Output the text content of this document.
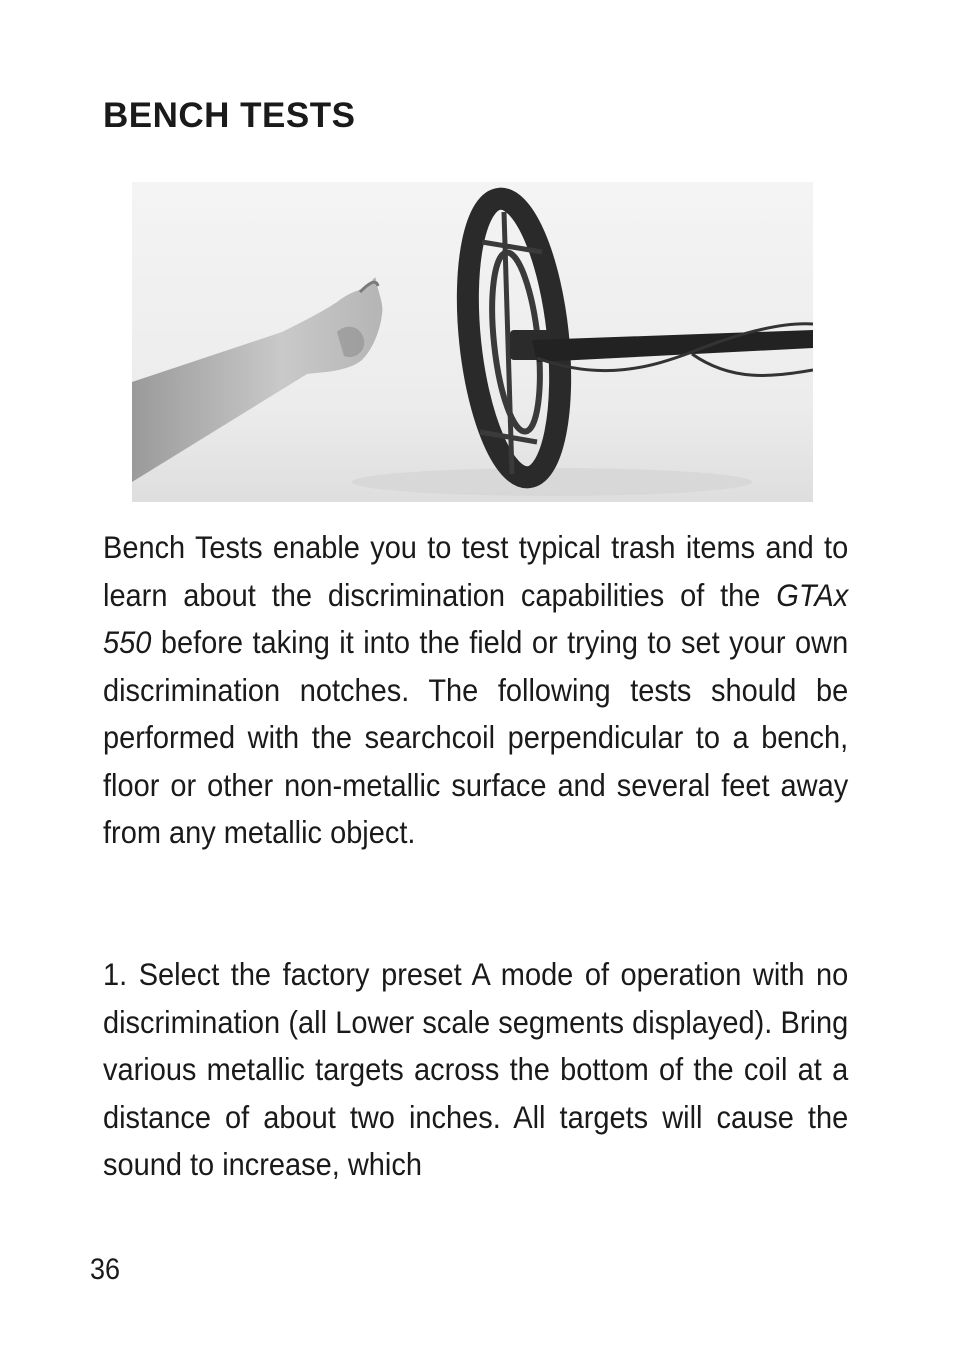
BENCH TESTS

Bench Tests enable you to test typical trash items and to learn about the discrimination capabilities of the GTAx 550 before taking it into the field or trying to set your own discrimination notches. The following tests should be performed with the searchcoil perpendicular to a bench, floor or other non-metallic surface and several feet away from any metallic object.

1. Select the factory preset A mode of operation with no discrimination (all Lower scale segments displayed). Bring various metallic targets across the bottom of the coil at a distance of about two inches. All targets will cause the sound to increase, which

36
